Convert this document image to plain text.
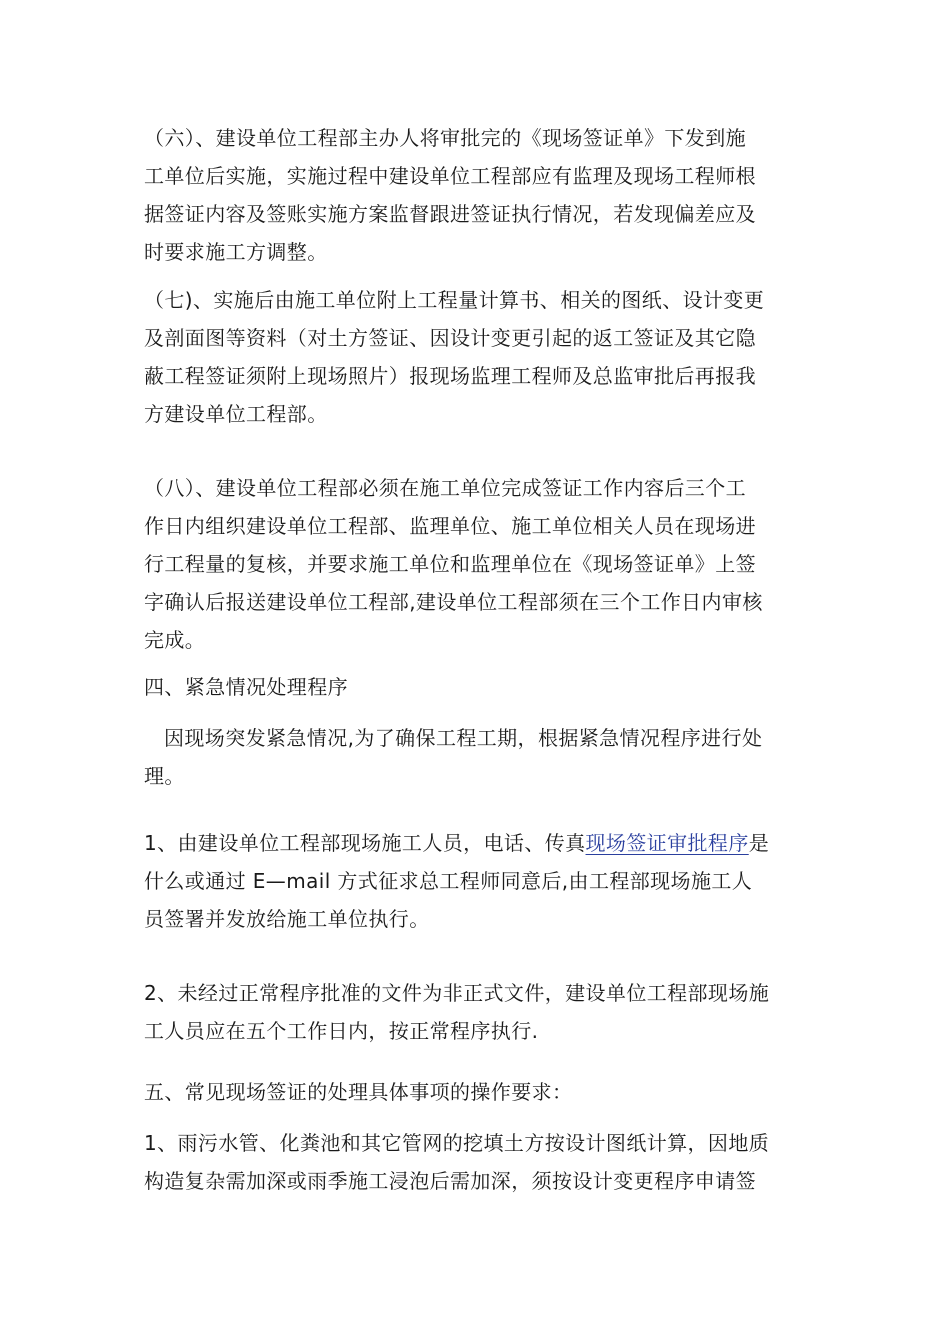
（六）、建设单位工程部主办人将审批完的《现场签证单》下发到施
工单位后实施，实施过程中建设单位工程部应有监理及现场工程师根
据签证内容及签账实施方案监督跟进签证执行情况，若发现偏差应及
时要求施工方调整。
（七)、实施后由施工单位附上工程量计算书、相关的图纸、设计变更
及剖面图等资料（对土方签证、因设计变更引起的返工签证及其它隐
蔽工程签证须附上现场照片）报现场监理工程师及总监审批后再报我
方建设单位工程部。
（八）、建设单位工程部必须在施工单位完成签证工作内容后三个工
作日内组织建设单位工程部、监理单位、施工单位相关人员在现场进
行工程量的复核，并要求施工单位和监理单位在《现场签证单》上签
字确认后报送建设单位工程部,建设单位工程部须在三个工作日内审核
完成。
四、紧急情况处理程序
因现场突发紧急情况,为了确保工程工期，根据紧急情况程序进行处
理。
1、由建设单位工程部现场施工人员，电话、传真现场签证审批程序是
什么或通过 E—mail 方式征求总工程师同意后,由工程部现场施工人
员签署并发放给施工单位执行。
2、未经过正常程序批准的文件为非正式文件，建设单位工程部现场施
工人员应在五个工作日内，按正常程序执行.
五、常见现场签证的处理具体事项的操作要求：
1、雨污水管、化粪池和其它管网的挖填土方按设计图纸计算，因地质
构造复杂需加深或雨季施工浸泡后需加深，须按设计变更程序申请签
